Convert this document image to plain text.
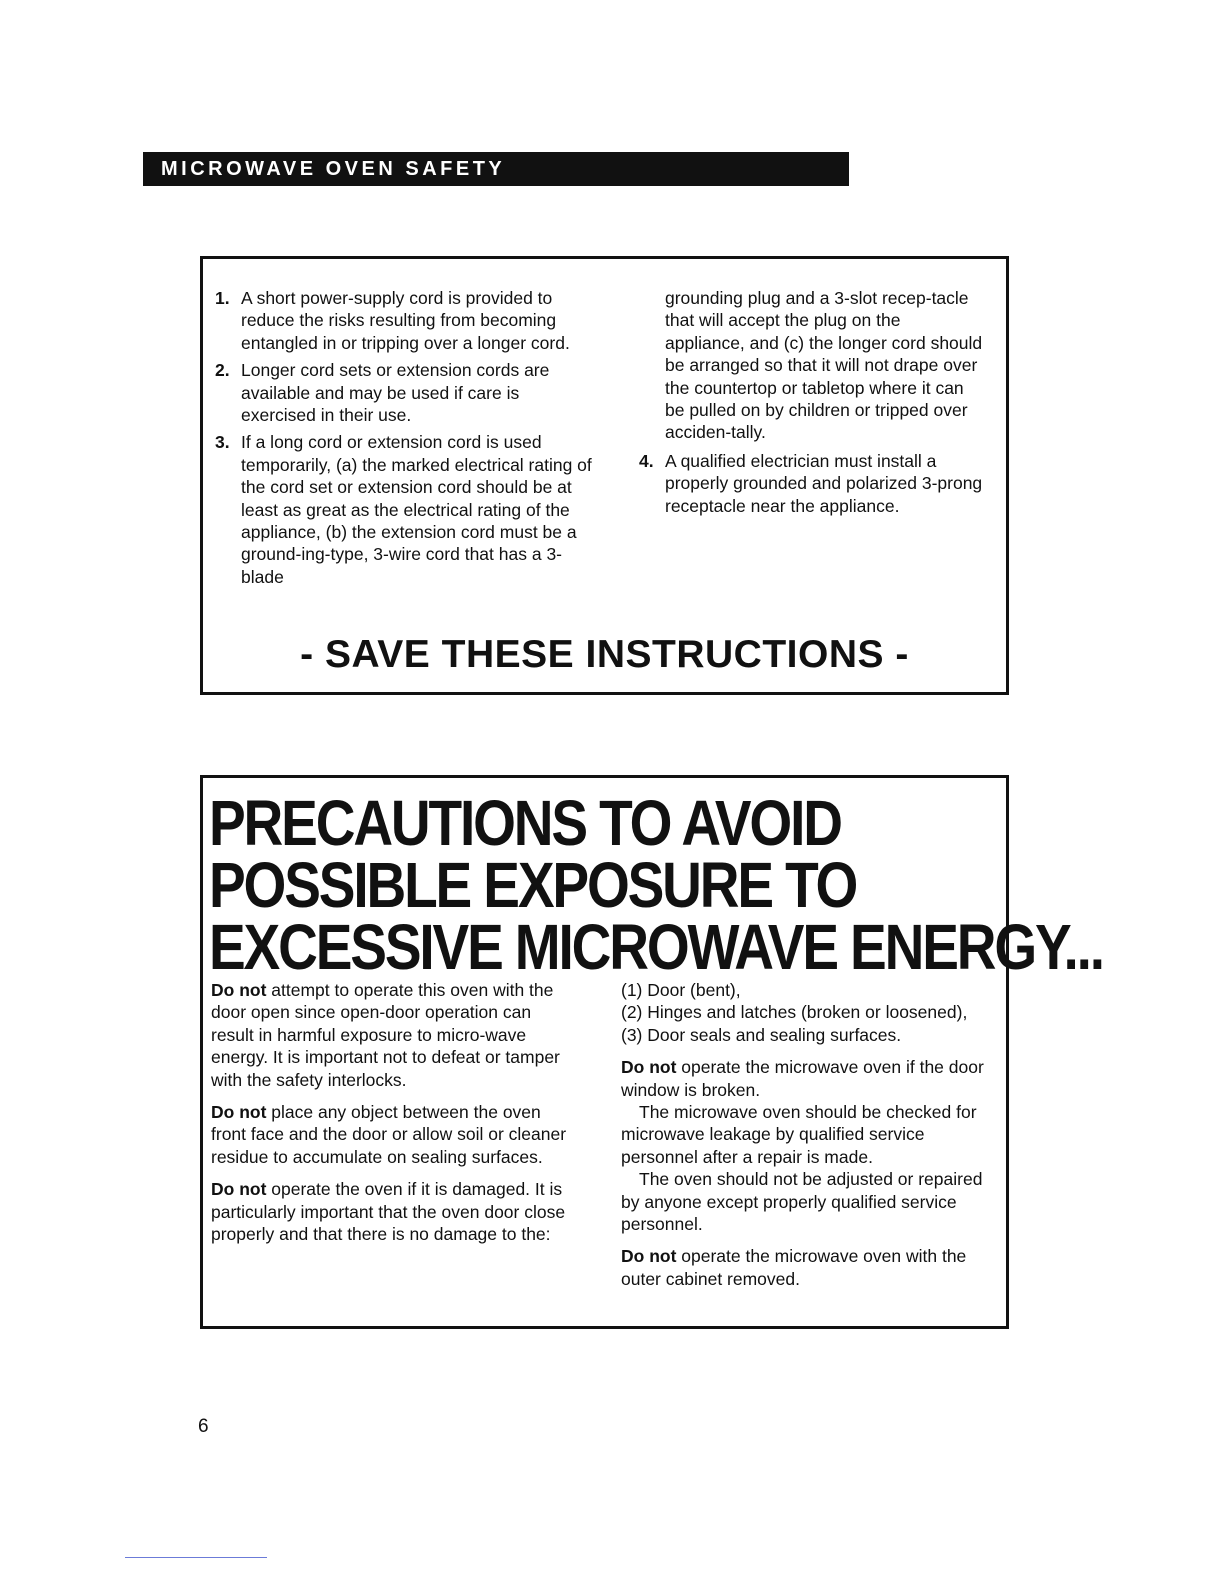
MICROWAVE OVEN SAFETY
1. A short power-supply cord is provided to reduce the risks resulting from becoming entangled in or tripping over a longer cord.
2. Longer cord sets or extension cords are available and may be used if care is exercised in their use.
3. If a long cord or extension cord is used temporarily, (a) the marked electrical rating of the cord set or extension cord should be at least as great as the electrical rating of the appliance, (b) the extension cord must be a ground-ing-type, 3-wire cord that has a 3-blade

grounding plug and a 3-slot recep-tacle that will accept the plug on the appliance, and (c) the longer cord should be arranged so that it will not drape over the countertop or tabletop where it can be pulled on by children or tripped over acciden-tally.

4. A qualified electrician must install a properly grounded and polarized 3-prong receptacle near the appliance.
- SAVE THESE INSTRUCTIONS -
PRECAUTIONS TO AVOID
POSSIBLE EXPOSURE TO
EXCESSIVE MICROWAVE ENERGY...

Do not attempt to operate this oven with the door open since open-door operation can result in harmful exposure to micro-wave energy. It is important not to defeat or tamper with the safety interlocks.

Do not place any object between the oven front face and the door or allow soil or cleaner residue to accumulate on sealing surfaces.

Do not operate the oven if it is damaged. It is particularly important that the oven door close properly and that there is no damage to the:

(1) Door (bent),
(2) Hinges and latches (broken or loosened),
(3) Door seals and sealing surfaces.

Do not operate the microwave oven if the door window is broken.

The microwave oven should be checked for microwave leakage by qualified service personnel after a repair is made.

The oven should not be adjusted or repaired by anyone except properly qualified service personnel.

Do not operate the microwave oven with the outer cabinet removed.

6
